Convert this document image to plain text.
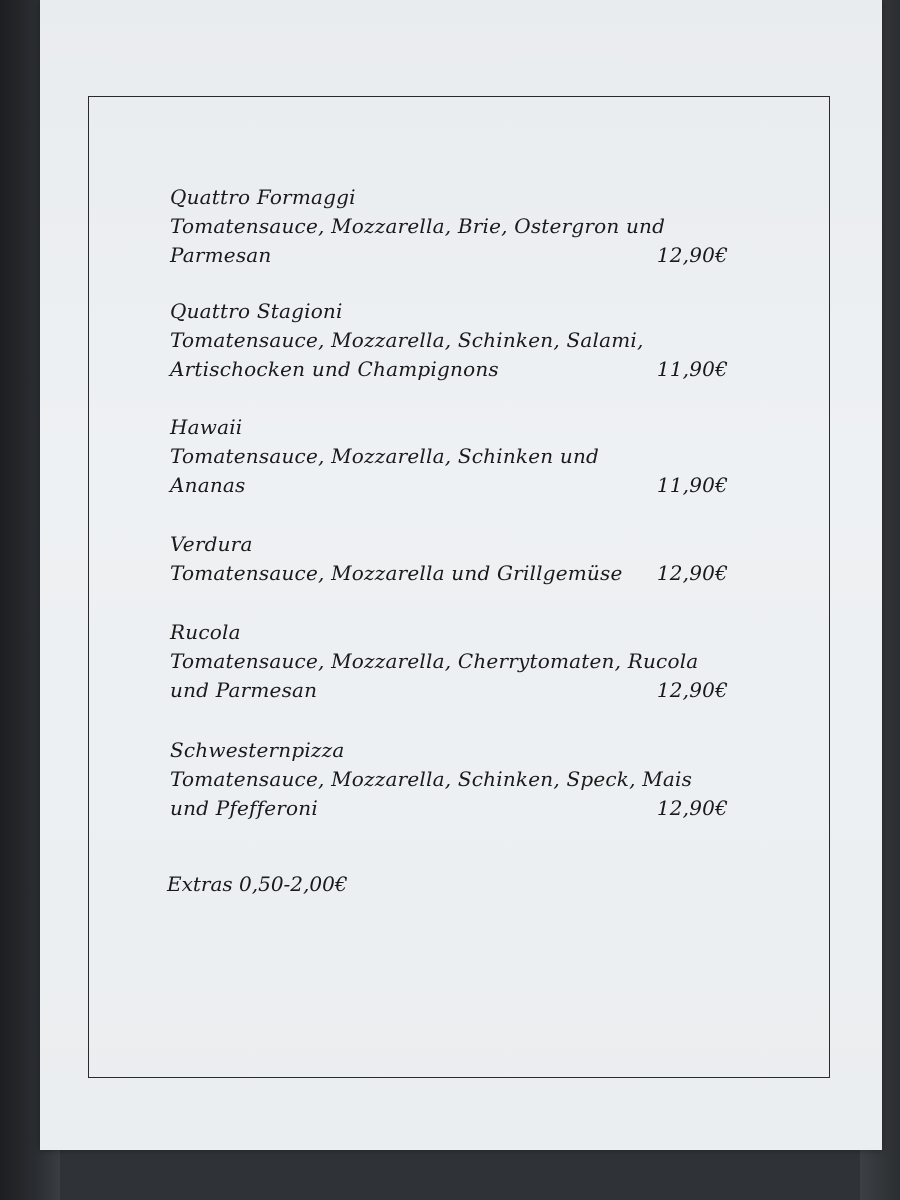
Quattro Formaggi
Tomatensauce, Mozzarella, Brie, Ostergron und
Parmesan	12,90€
Quattro Stagioni
Tomatensauce, Mozzarella, Schinken, Salami,
Artischocken und Champignons	11,90€
Hawaii
Tomatensauce, Mozzarella, Schinken und
Ananas	11,90€
Verdura
Tomatensauce, Mozzarella und Grillgemüse 12,90€
Rucola
Tomatensauce, Mozzarella, Cherrytomaten, Rucola
und Parmesan	12,90€
Schwesternpizza
Tomatensauce, Mozzarella, Schinken, Speck, Mais
und Pfefferoni	12,90€
Extras 0,50-2,00€
